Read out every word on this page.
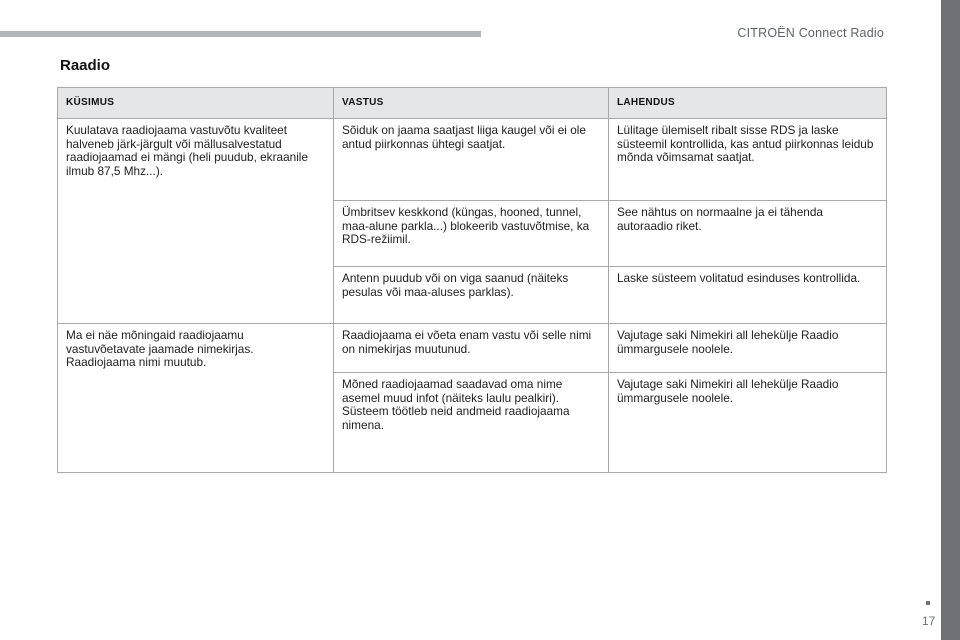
CITROËN Connect Radio
Raadio
KÜSIMUS	VASTUS	LAHENDUS
Kuulatava raadiojaama vastuvõtu kvaliteet halveneb järk-järgult või mällusalvestatud raadiojaamad ei mängi (heli puudub, ekraanile ilmub 87,5 Mhz...).	Sõiduk on jaama saatjast liiga kaugel või ei ole antud piirkonnas ühtegi saatjat.	Lülitage ülemiselt ribalt sisse RDS ja laske süsteemil kontrollida, kas antud piirkonnas leidub mõnda võimsamat saatjat.
	Ümbritsev keskkond (küngas, hooned, tunnel, maa-alune parkla...) blokeerib vastuvõtmise, ka RDS-režiimil.	See nähtus on normaalne ja ei tähenda autoraadio riket.
	Antenn puudub või on viga saanud (näiteks pesulas või maa-aluses parklas).	Laske süsteem volitatud esinduses kontrollida.
Ma ei näe mõningaid raadiojaamu vastuvõetavate jaamade nimekirjas. Raadiojaama nimi muutub.	Raadiojaama ei võeta enam vastu või selle nimi on nimekirjas muutunud.	Vajutage saki Nimekiri all lehekülje Raadio ümmargusele noolele.
	Mõned raadiojaamad saadavad oma nime asemel muud infot (näiteks laulu pealkiri). Süsteem töötleb neid andmeid raadiojaama nimena.	Vajutage saki Nimekiri all lehekülje Raadio ümmargusele noolele.
17
